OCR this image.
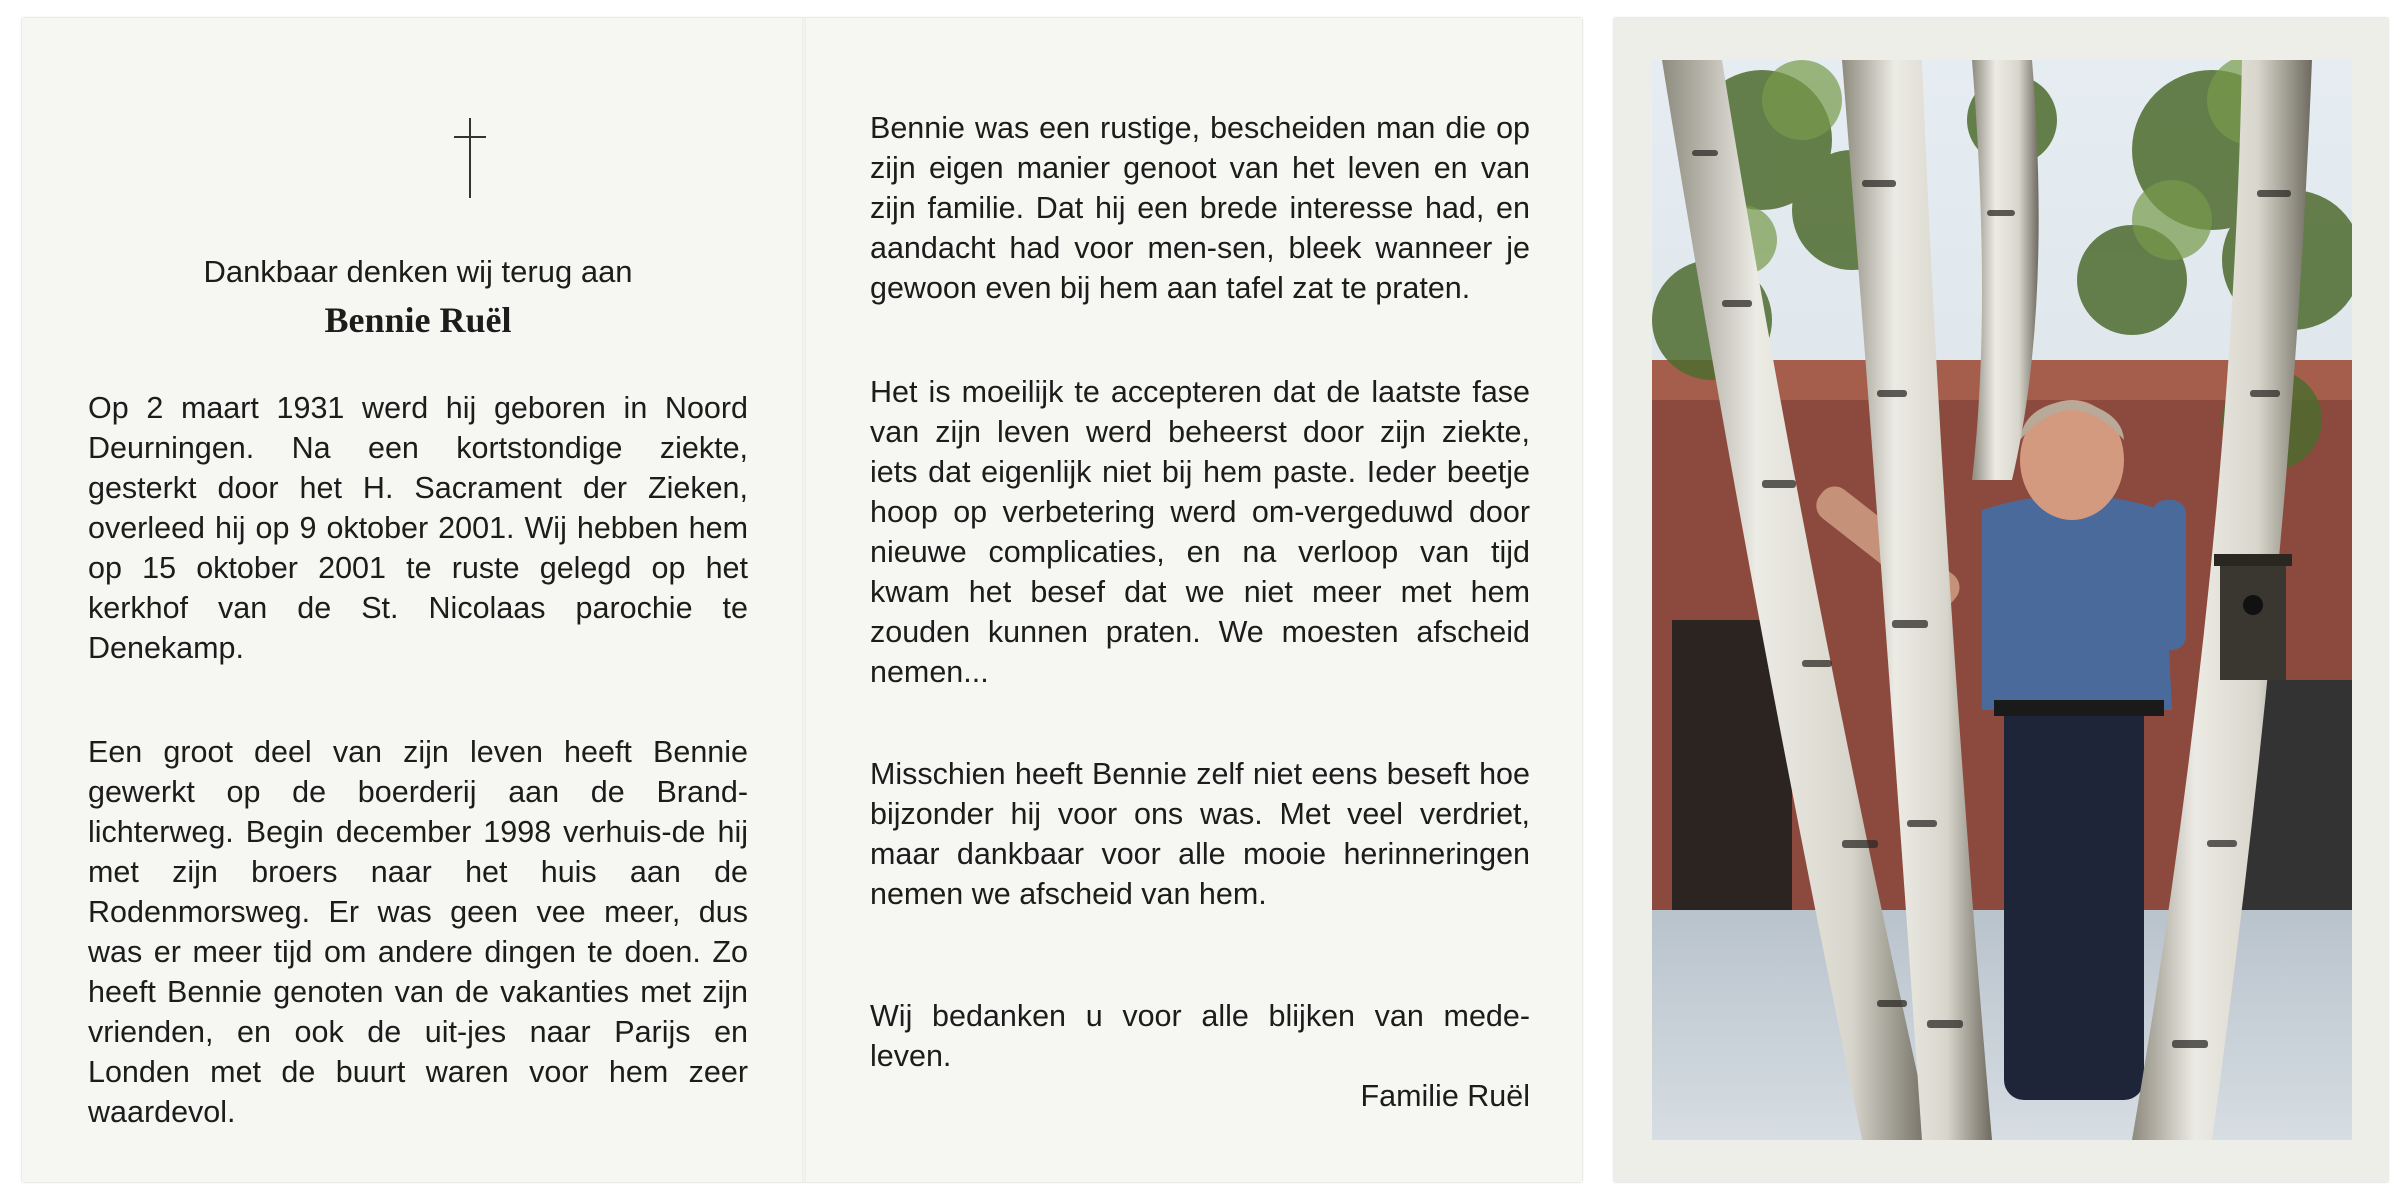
Dankbaar denken wij terug aan
Bennie Ruël

Op 2 maart 1931 werd hij geboren in Noord Deurningen. Na een kortstondige ziekte, gesterkt door het H. Sacrament der Zieken, overleed hij op 9 oktober 2001. Wij hebben hem op 15 oktober 2001 te ruste gelegd op het kerkhof van de St. Nicolaas parochie te Denekamp.

Een groot deel van zijn leven heeft Bennie gewerkt op de boerderij aan de Brand-lichterweg. Begin december 1998 verhuis-de hij met zijn broers naar het huis aan de Rodenmorsweg. Er was geen vee meer, dus was er meer tijd om andere dingen te doen. Zo heeft Bennie genoten van de vakanties met zijn vrienden, en ook de uit-jes naar Parijs en Londen met de buurt waren voor hem zeer waardevol.

Bennie was een rustige, bescheiden man die op zijn eigen manier genoot van het leven en van zijn familie. Dat hij een brede interesse had, en aandacht had voor men-sen, bleek wanneer je gewoon even bij hem aan tafel zat te praten.

Het is moeilijk te accepteren dat de laatste fase van zijn leven werd beheerst door zijn ziekte, iets dat eigenlijk niet bij hem paste. Ieder beetje hoop op verbetering werd om-vergeduwd door nieuwe complicaties, en na verloop van tijd kwam het besef dat we niet meer met hem zouden kunnen praten. We moesten afscheid nemen...

Misschien heeft Bennie zelf niet eens beseft hoe bijzonder hij voor ons was. Met veel verdriet, maar dankbaar voor alle mooie herinneringen nemen we afscheid van hem.

Wij bedanken u voor alle blijken van mede-leven.

Familie Ruël
